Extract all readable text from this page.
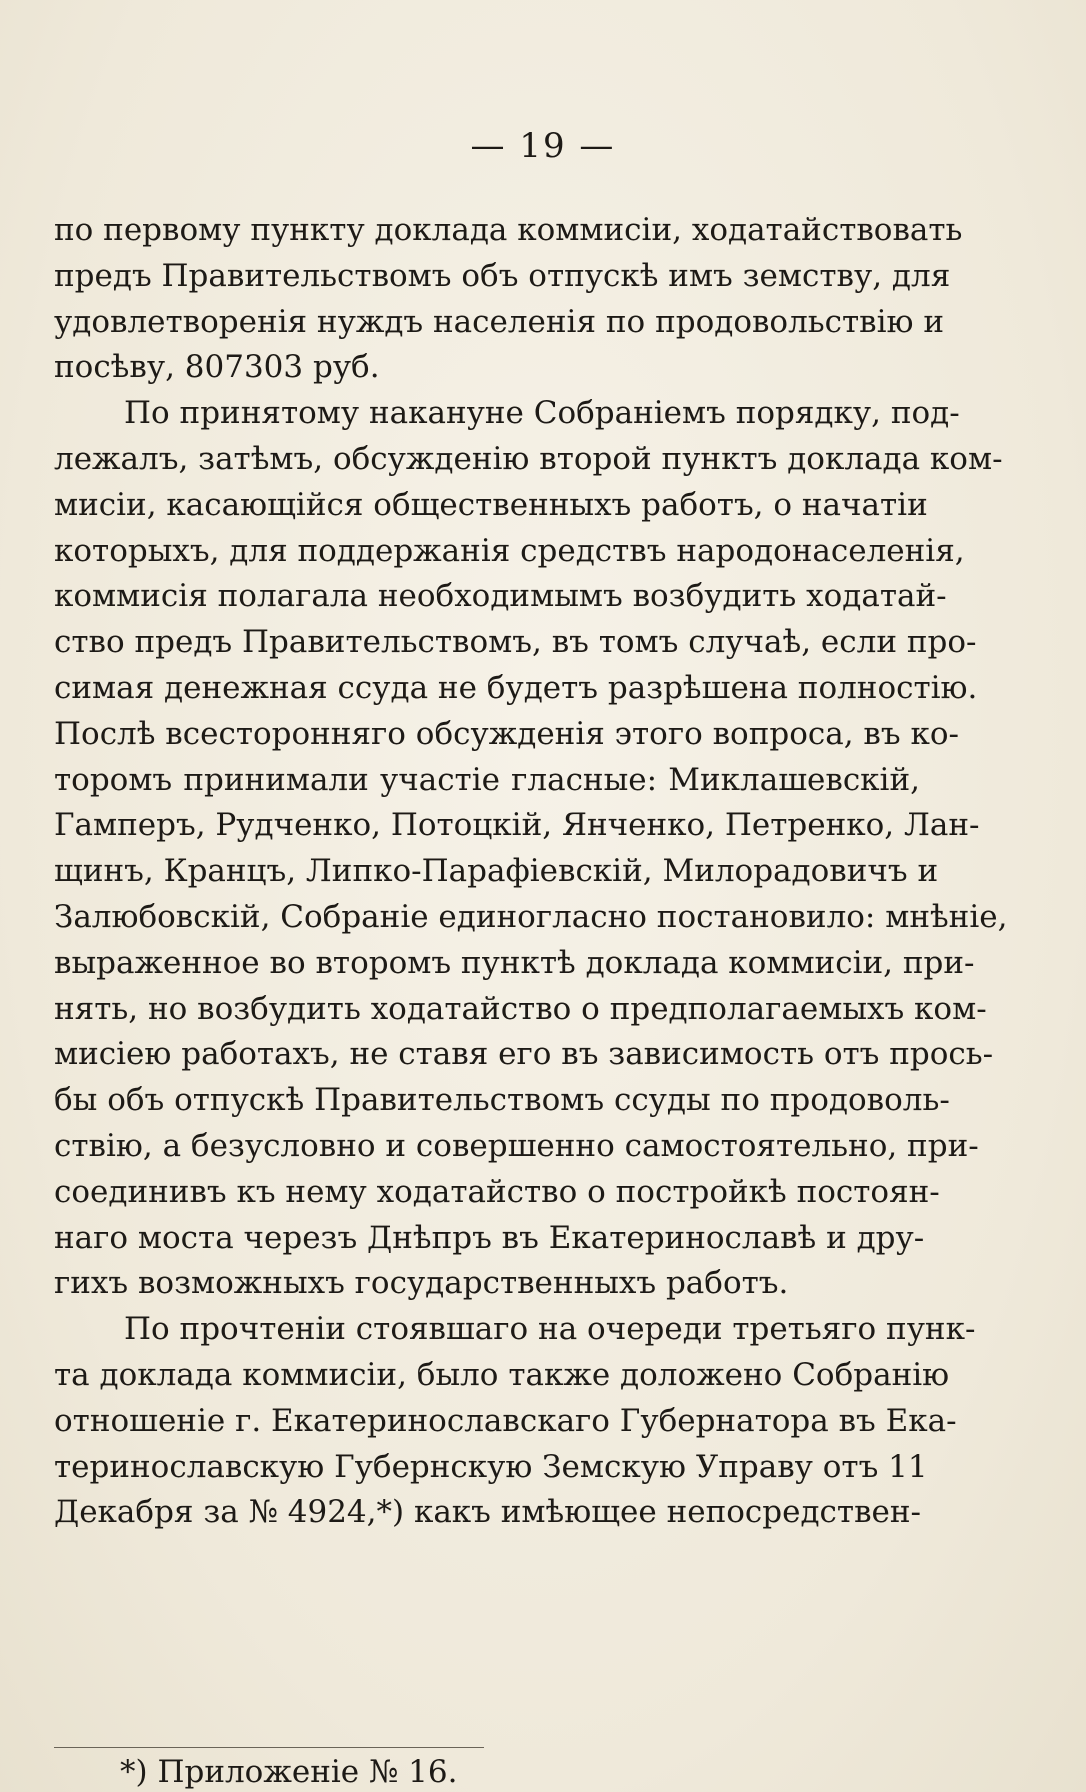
— 19 —
по первому пункту доклада коммисіи, ходатайствовать
предъ Правительствомъ объ отпускѣ имъ земству, для
удовлетворенія нуждъ населенія по продовольствію и
посѣву, 807303 руб.
По принятому накануне Собраніемъ порядку, под-
лежалъ, затѣмъ, обсужденію второй пунктъ доклада ком-
мисіи, касающійся общественныхъ работъ, о начатіи
которыхъ, для поддержанія средствъ народонаселенія,
коммисія полагала необходимымъ возбудить ходатай-
ство предъ Правительствомъ, въ томъ случаѣ, если про-
симая денежная ссуда не будетъ разрѣшена полностію.
Послѣ всесторонняго обсужденія этого вопроса, въ ко-
торомъ принимали участіе гласные: Миклашевскій,
Гамперъ, Рудченко, Потоцкій, Янченко, Петренко, Лан-
щинъ, Кранцъ, Липко-Парафіевскій, Милорадовичъ и
Залюбовскій, Собраніе единогласно постановило: мнѣніе,
выраженное во второмъ пунктѣ доклада коммисіи, при-
нять, но возбудить ходатайство о предполагаемыхъ ком-
мисіею работахъ, не ставя его въ зависимость отъ прось-
бы объ отпускѣ Правительствомъ ссуды по продоволь-
ствію, а безусловно и совершенно самостоятельно, при-
соединивъ къ нему ходатайство о постройкѣ постоян-
наго моста черезъ Днѣпръ въ Екатеринославѣ и дру-
гихъ возможныхъ государственныхъ работъ.
По прочтеніи стоявшаго на очереди третьяго пунк-
та доклада коммисіи, было также доложено Собранію
отношеніе г. Екатеринославскаго Губернатора въ Ека-
теринославскую Губернскую Земскую Управу отъ 11
Декабря за № 4924,*) какъ имѣющее непосредствен-
*) Приложеніе № 16.
